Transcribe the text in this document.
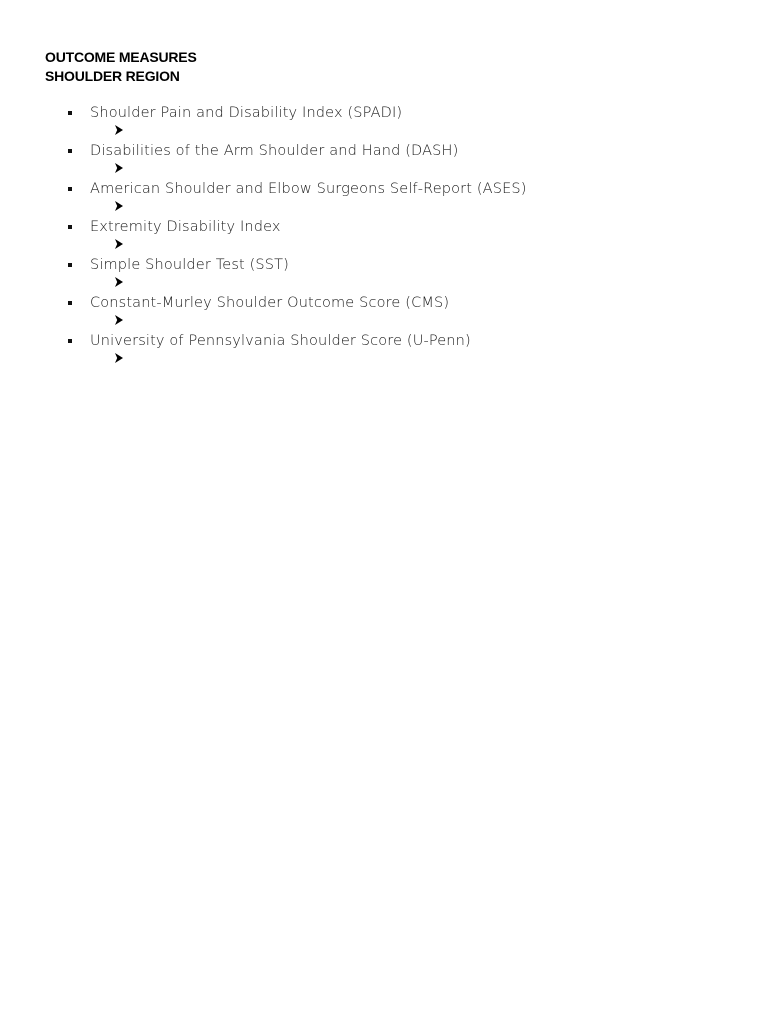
OUTCOME MEASURES
SHOULDER REGION
Shoulder Pain and Disability Index (SPADI)
Disabilities of the Arm Shoulder and Hand (DASH)
American Shoulder and Elbow Surgeons Self-Report (ASES)
Extremity Disability Index
Simple Shoulder Test (SST)
Constant-Murley Shoulder Outcome Score (CMS)
University of Pennsylvania Shoulder Score (U-Penn)
